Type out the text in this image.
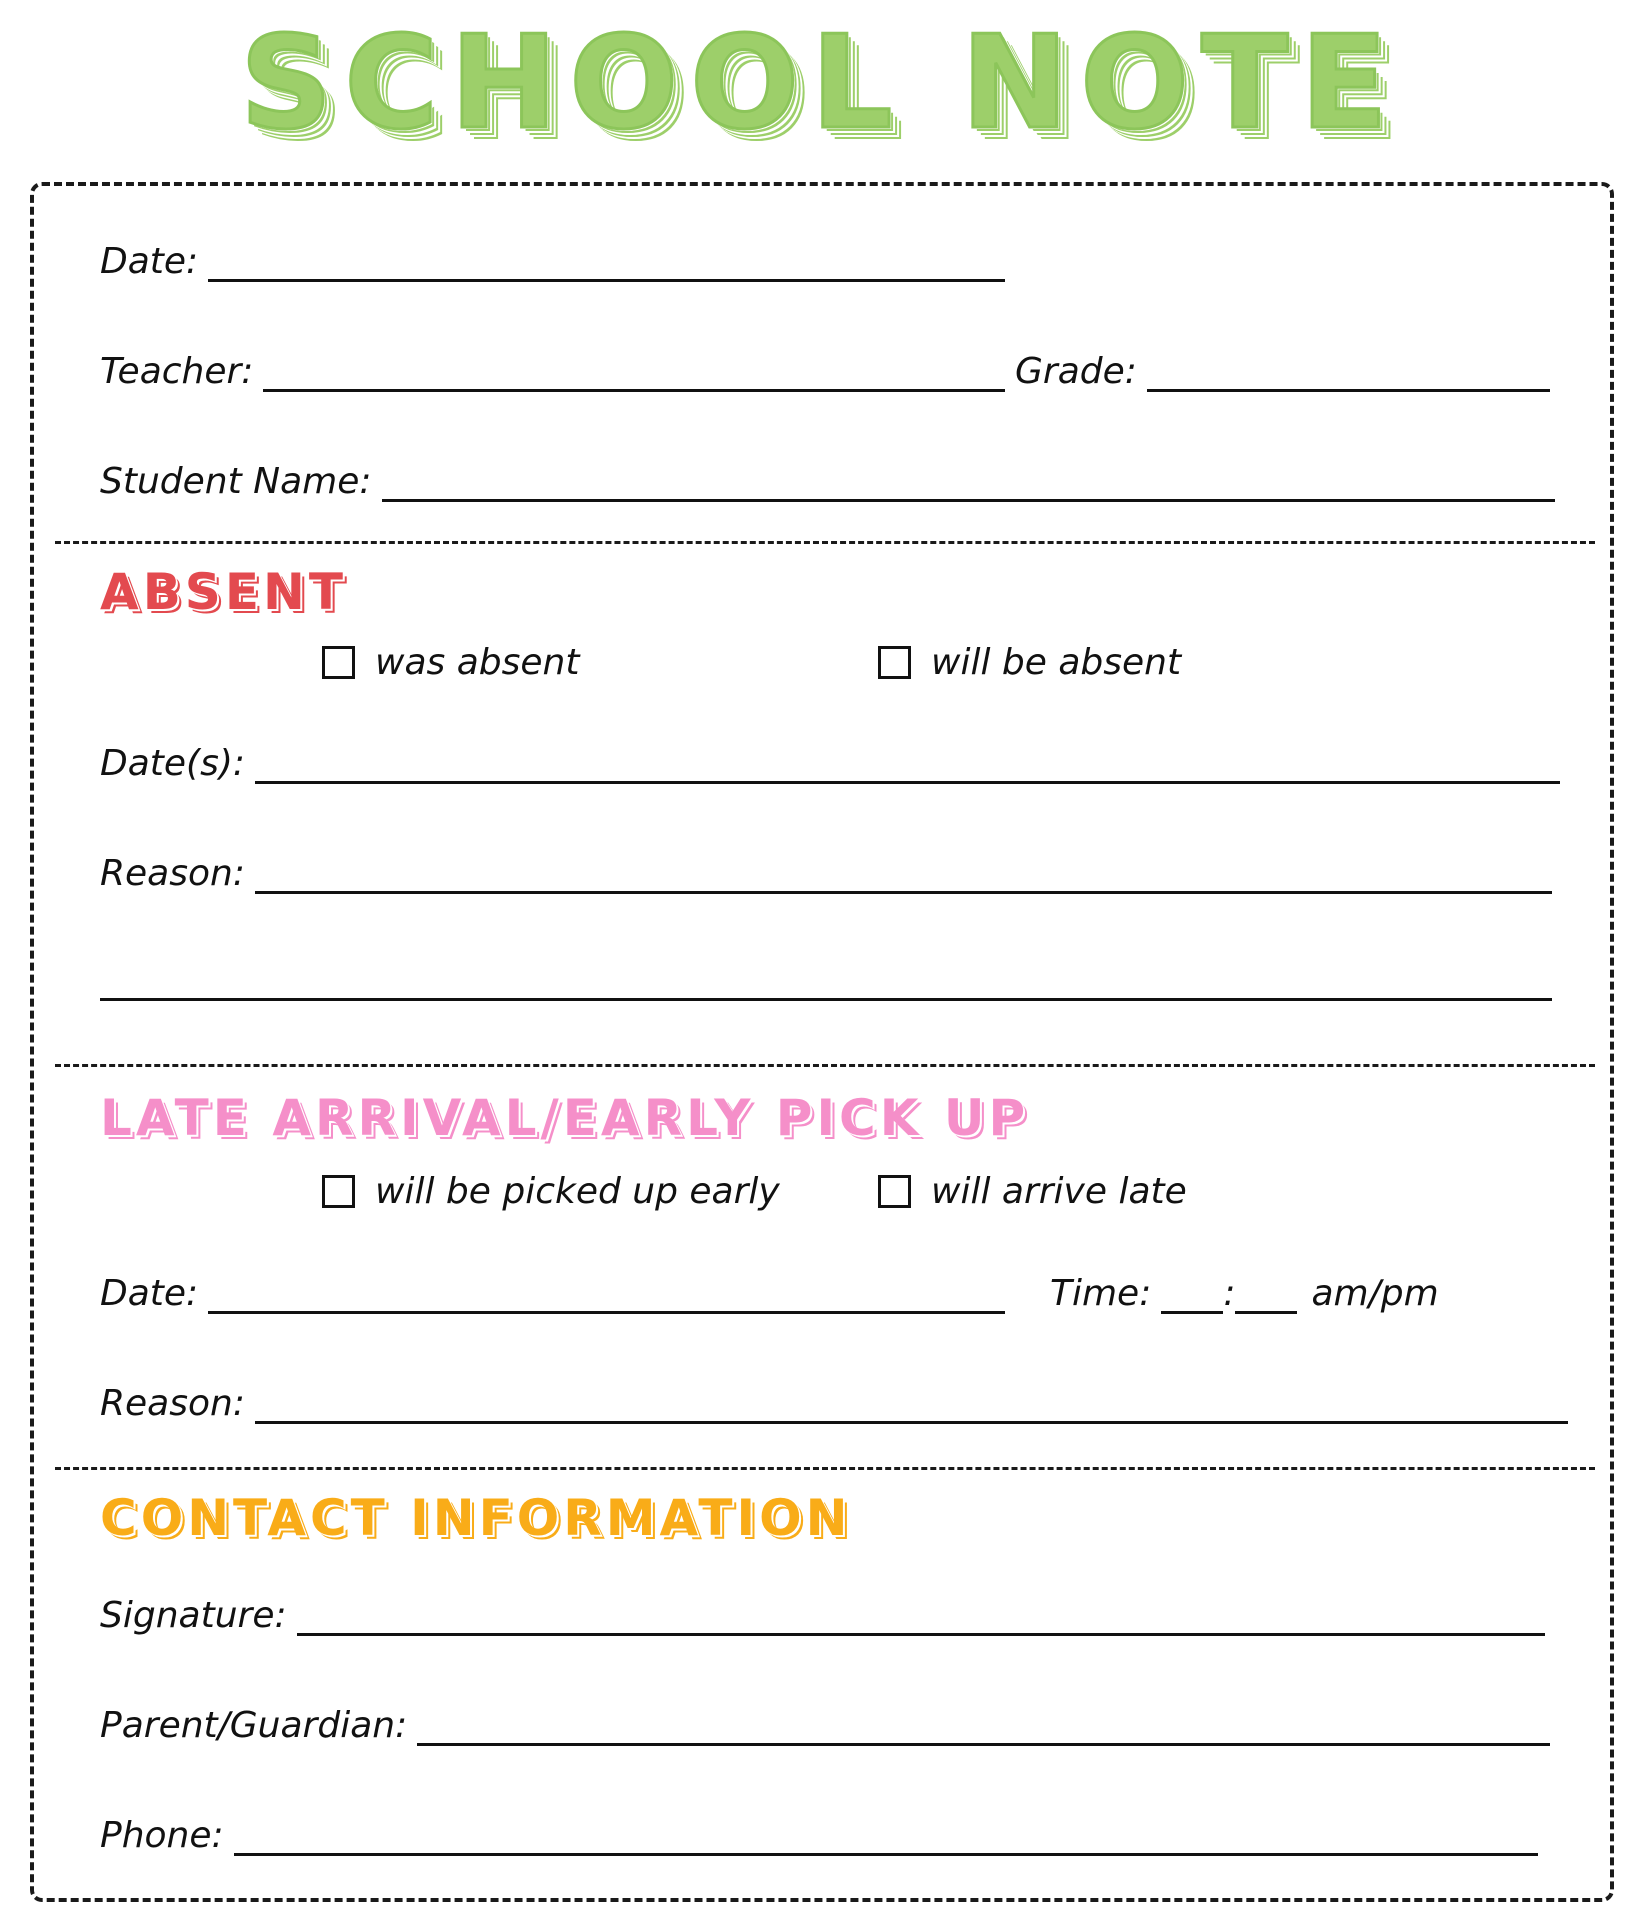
SCHOOL NOTE
Date:
Teacher:	Grade:
Student Name:
ABSENT
was absent	will be absent
Date(s):
Reason:
LATE ARRIVAL/EARLY PICK UP
will be picked up early	will arrive late
Date:	Time: :	am/pm
Reason:
CONTACT INFORMATION
Signature:
Parent/Guardian:
Phone:
